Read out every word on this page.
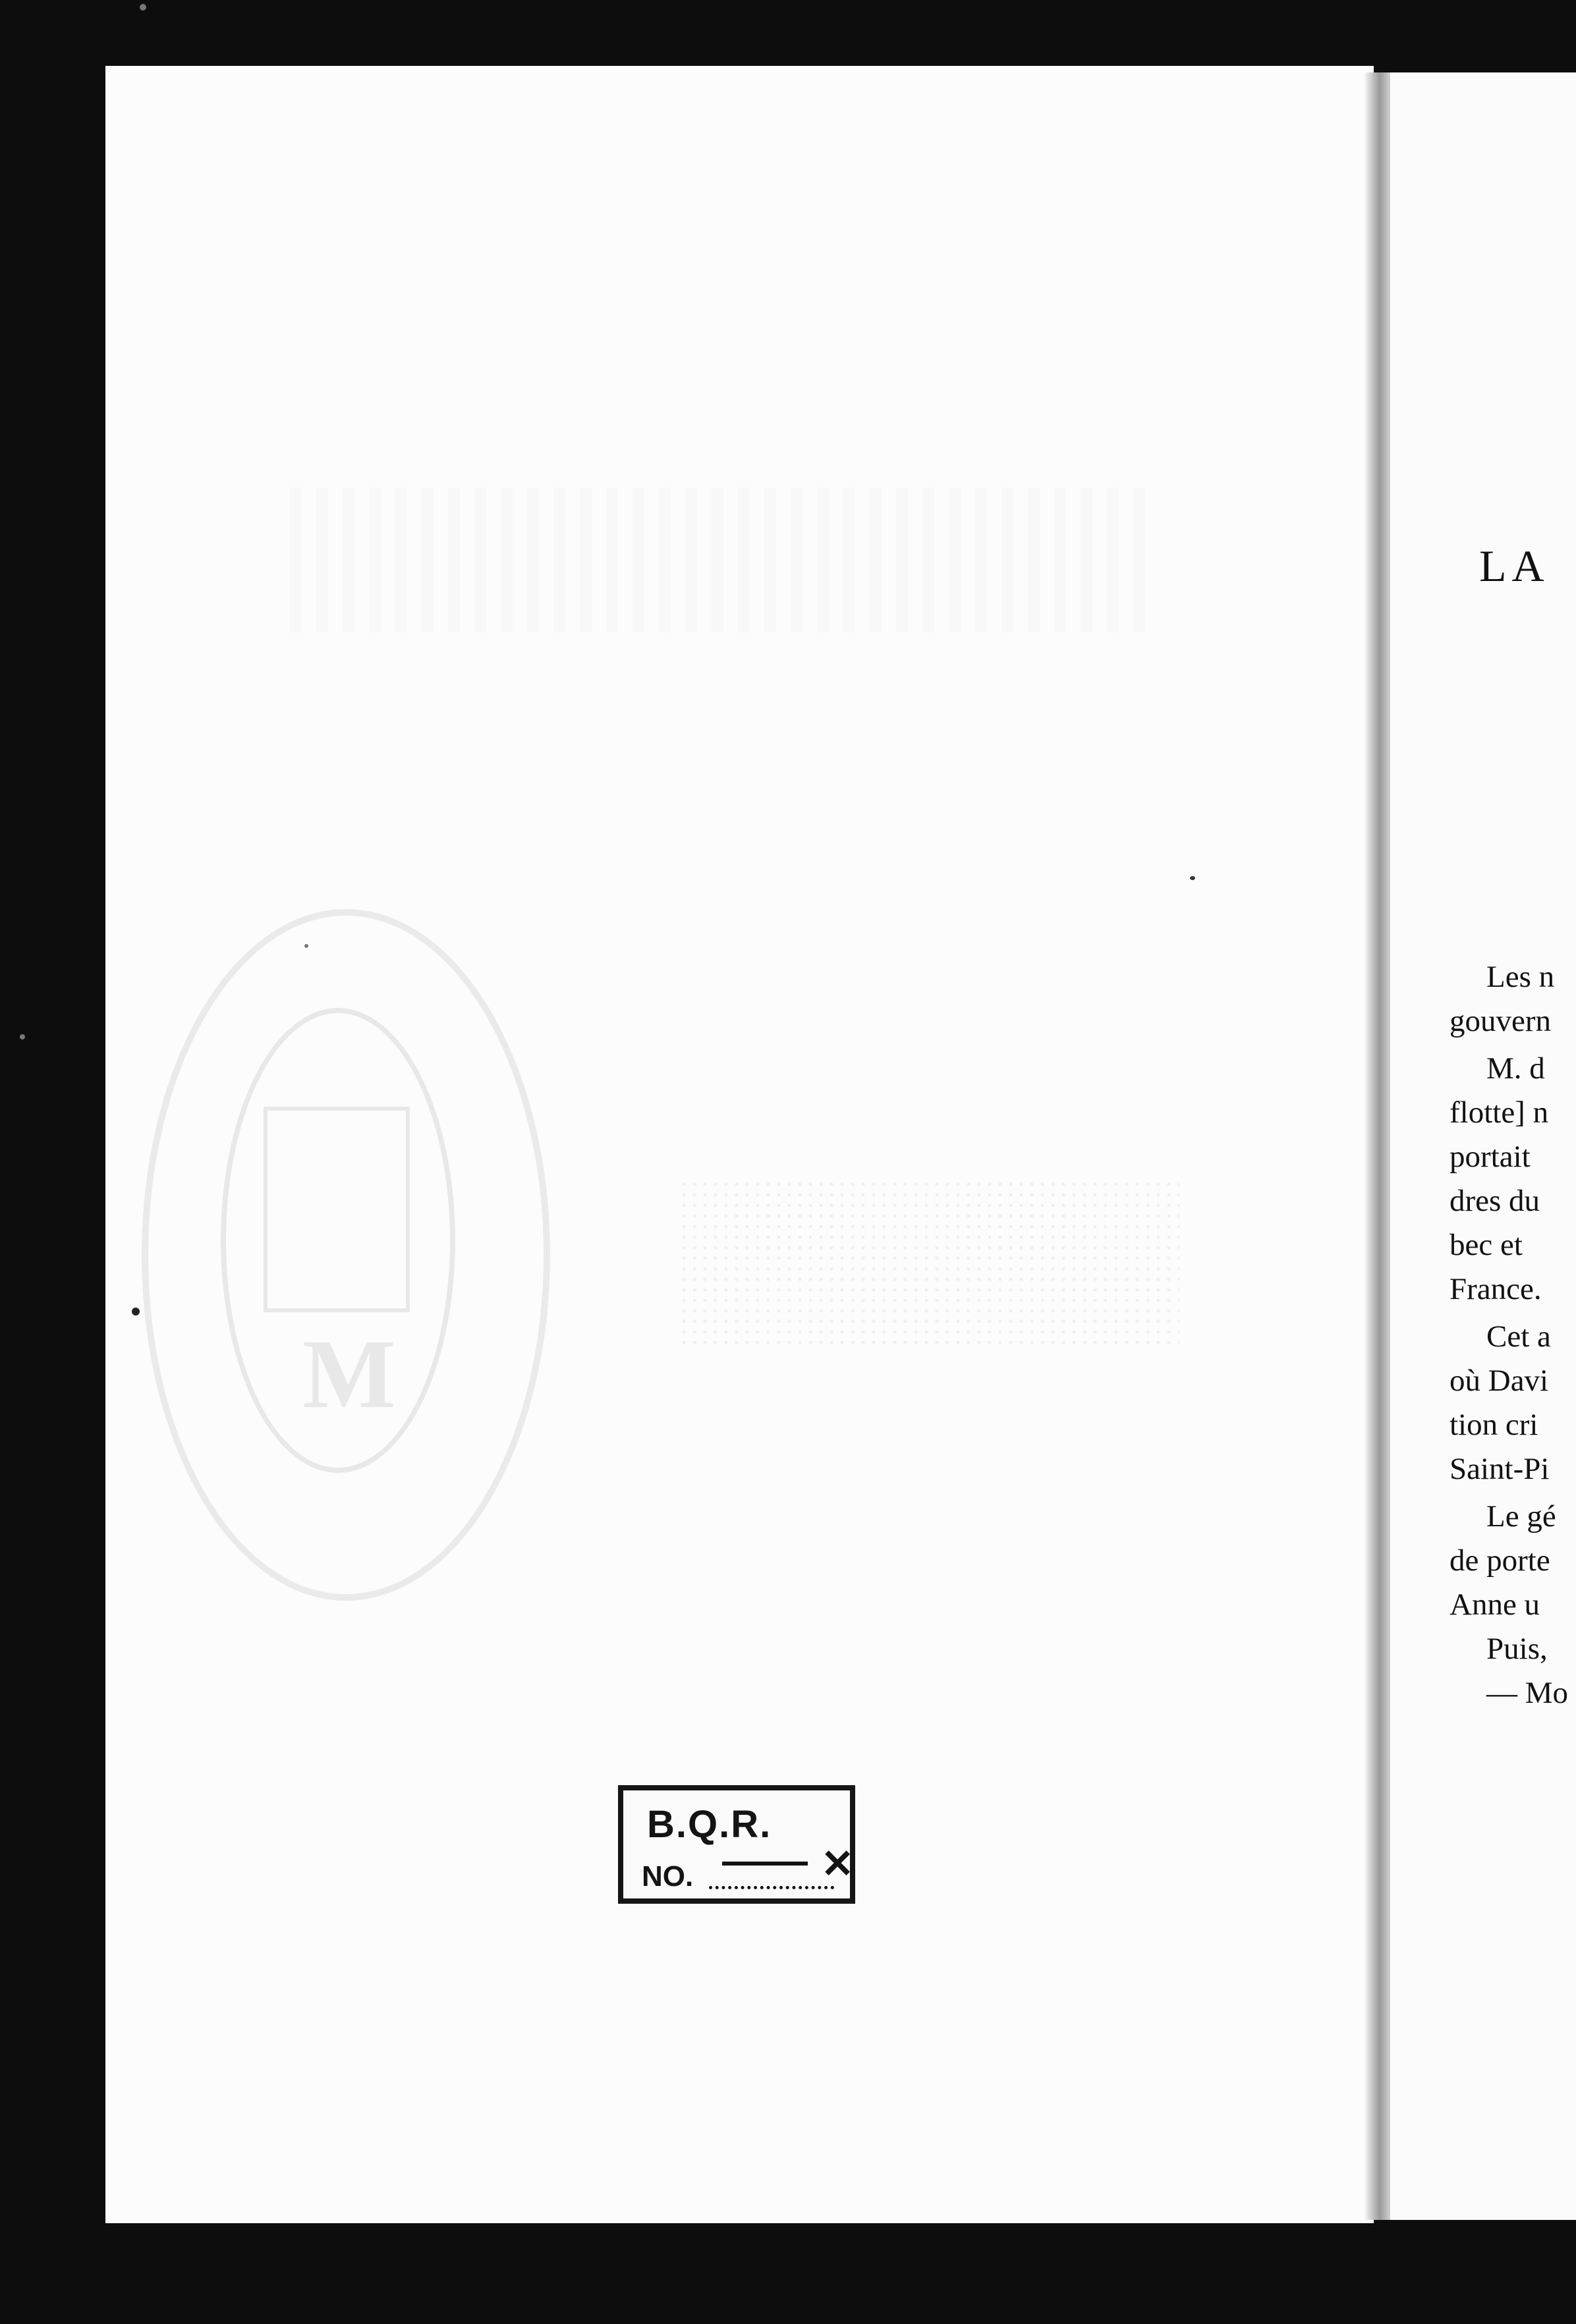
M
B.Q.R.
NO.	✕
LA
Les n
gouvern
M. d
flotte] n
portait
dres du
bec et
France.
Cet a
où Davi
tion cri
Saint-Pi
Le gé
de porte
Anne u
Puis,
— Mo
